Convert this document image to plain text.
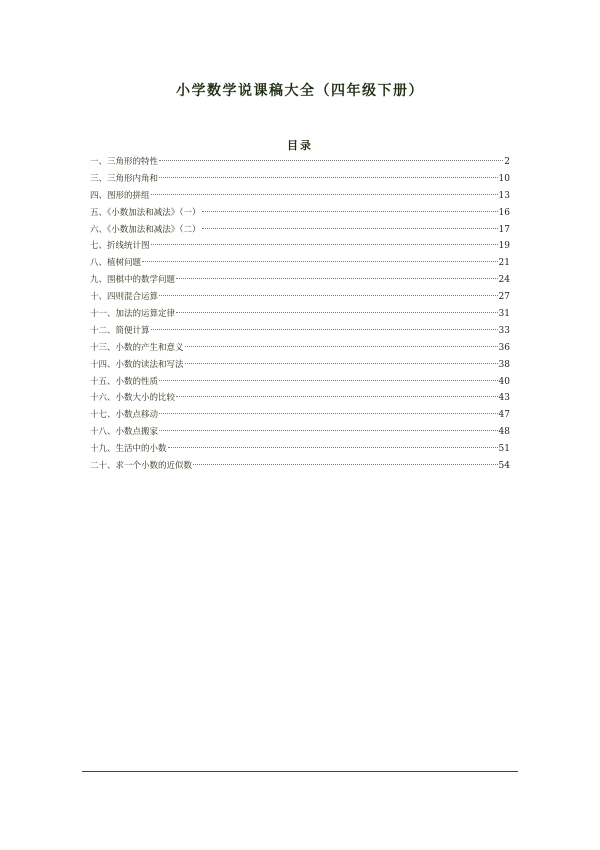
小学数学说课稿大全（四年级下册）
目录
一、三角形的特性	2
三、三角形内角和	10
四、图形的拼组	13
五、《小数加法和减法》（一）	16
六、《小数加法和减法》（二）	17
七、折线统计图	19
八、植树问题	21
九、围棋中的数学问题	24
十、四则混合运算	27
十一、加法的运算定律	31
十二、简便计算	33
十三、小数的产生和意义	36
十四、小数的读法和写法	38
十五、小数的性质	40
十六、小数大小的比较	43
十七、小数点移动	47
十八、小数点搬家	48
十九、生活中的小数	51
二十、求一个小数的近似数	54
